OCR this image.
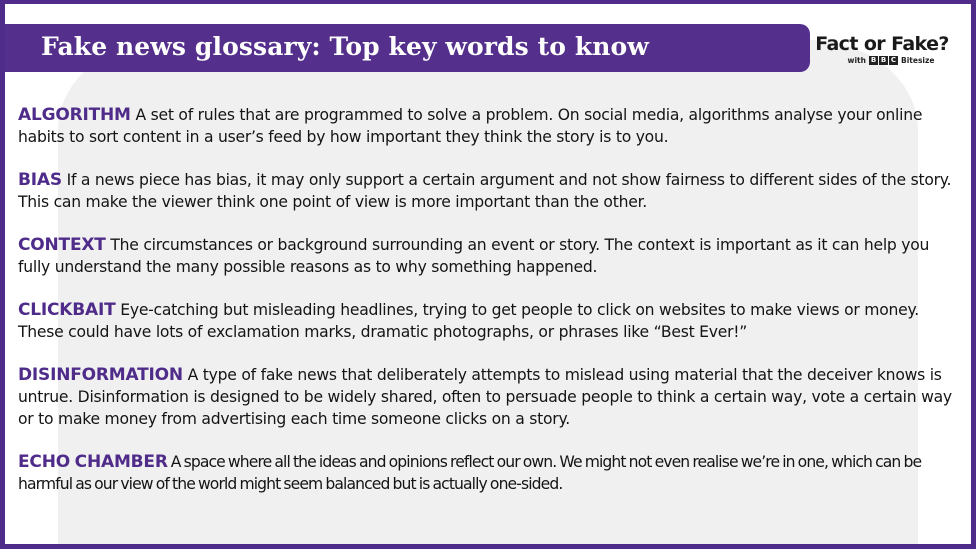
Fake news glossary: Top key words to know	Fact or Fake?
with B B C Bitesize
ALGORITHM A set of rules that are programmed to solve a problem. On social media, algorithms analyse your online habits to sort content in a user’s feed by how important they think the story is to you.
BIAS If a news piece has bias, it may only support a certain argument and not show fairness to different sides of the story. This can make the viewer think one point of view is more important than the other.
CONTEXT The circumstances or background surrounding an event or story. The context is important as it can help you fully understand the many possible reasons as to why something happened.
CLICKBAIT Eye-catching but misleading headlines, trying to get people to click on websites to make views or money. These could have lots of exclamation marks, dramatic photographs, or phrases like “Best Ever!”
DISINFORMATION A type of fake news that deliberately attempts to mislead using material that the deceiver knows is untrue. Disinformation is designed to be widely shared, often to persuade people to think a certain way, vote a certain way or to make money from advertising each time someone clicks on a story.
ECHO CHAMBER A space where all the ideas and opinions reflect our own. We might not even realise we’re in one, which can be harmful as our view of the world might seem balanced but is actually one-sided.
